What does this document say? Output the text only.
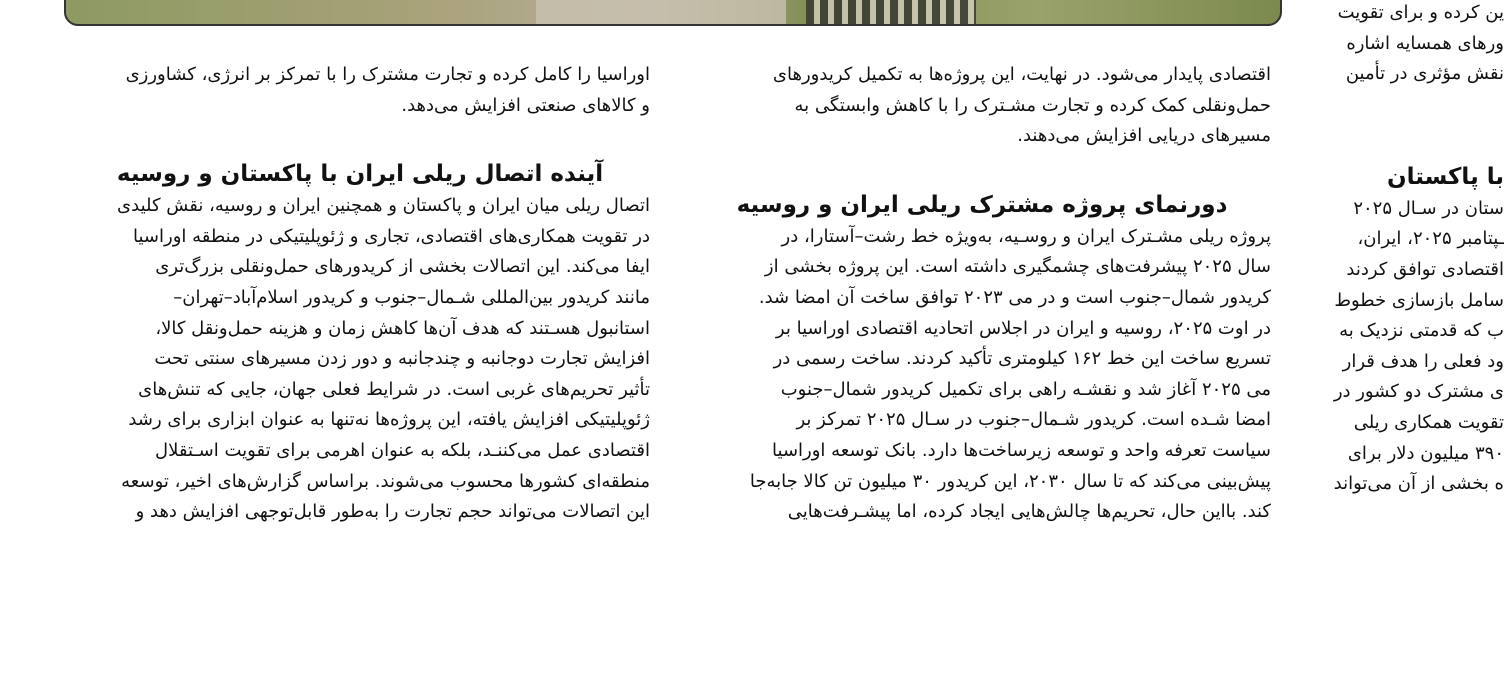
ین کرده و برای تقویت

ورهای همسایه اشاره

نقش مؤثری در تأمین

با پاکستان

ستان در سـال ۲۰۲۵

ـپتامبر ۲۰۲۵، ایران،

اقتصادی توافق کردند

سامل بازسازی خطوط

ب که قدمتی نزدیک به

ود فعلی را هدف قرار

ی مشترک دو کشور در

تقویت همکاری ریلی

۳۹۰ میلیون دلار برای

ه بخشی از آن می‌تواند

اقتصادی پایدار می‌شود. در نهایت، این پروژه‌ها به تکمیل کریدورهای

حمل‌ونقلی کمک کرده و تجارت مشـترک را با کاهش وابستگی به

مسیرهای دریایی افزایش می‌دهند.

دورنمای پروژه مشترک ریلی ایران و روسیه

پروژه ریلی مشـترک ایران و روسـیه، به‌ویژه خط رشت–آستارا، در

سال ۲۰۲۵ پیشرفت‌های چشمگیری داشته است. این پروژه بخشی از

کریدور شمال–جنوب است و در می ۲۰۲۳ توافق ساخت آن امضا شد.

در اوت ۲۰۲۵، روسیه و ایران در اجلاس اتحادیه اقتصادی اوراسیا بر

تسریع ساخت این خط ۱۶۲ کیلومتری تأکید کردند. ساخت رسمی در

می ۲۰۲۵ آغاز شد و نقشـه راهی برای تکمیل کریدور شمال–جنوب

امضا شـده است. کریدور شـمال–جنوب در سـال ۲۰۲۵ تمرکز بر

سیاست تعرفه واحد و توسعه زیرساخت‌ها دارد. بانک توسعه اوراسیا

پیش‌بینی می‌کند که تا سال ۲۰۳۰، این کریدور ۳۰ میلیون تن کالا جابه‌جا

کند. بااین حال، تحریم‌ها چالش‌هایی ایجاد کرده، اما پیشـرفت‌هایی

اوراسیا را کامل کرده و تجارت مشترک را با تمرکز بر انرژی، کشاورزی

و کالاهای صنعتی افزایش می‌دهد.

آینده اتصال ریلی ایران با پاکستان و روسیه

اتصال ریلی میان ایران و پاکستان و همچنین ایران و روسیه، نقش کلیدی

در تقویت همکاری‌های اقتصادی، تجاری و ژئوپلیتیکی در منطقه اوراسیا

ایفا می‌کند. این اتصالات بخشی از کریدورهای حمل‌ونقلی بزرگ‌تری

مانند کریدور بین‌المللی شـمال–جنوب و کریدور اسلام‌آباد–تهران–

استانبول هسـتند که هدف آن‌ها کاهش زمان و هزینه حمل‌ونقل کالا،

افزایش تجارت دوجانبه و چندجانبه و دور زدن مسیرهای سنتی تحت

تأثیر تحریم‌های غربی است. در شرایط فعلی جهان، جایی که تنش‌های

ژئوپلیتیکی افزایش یافته، این پروژه‌ها نه‌تنها به عنوان ابزاری برای رشد

اقتصادی عمل می‌کننـد، بلکه به عنوان اهرمی برای تقویت اسـتقلال

منطقه‌ای کشورها محسوب می‌شوند. براساس گزارش‌های اخیر، توسعه

این اتصالات می‌تواند حجم تجارت را به‌طور قابل‌توجهی افزایش دهد و
